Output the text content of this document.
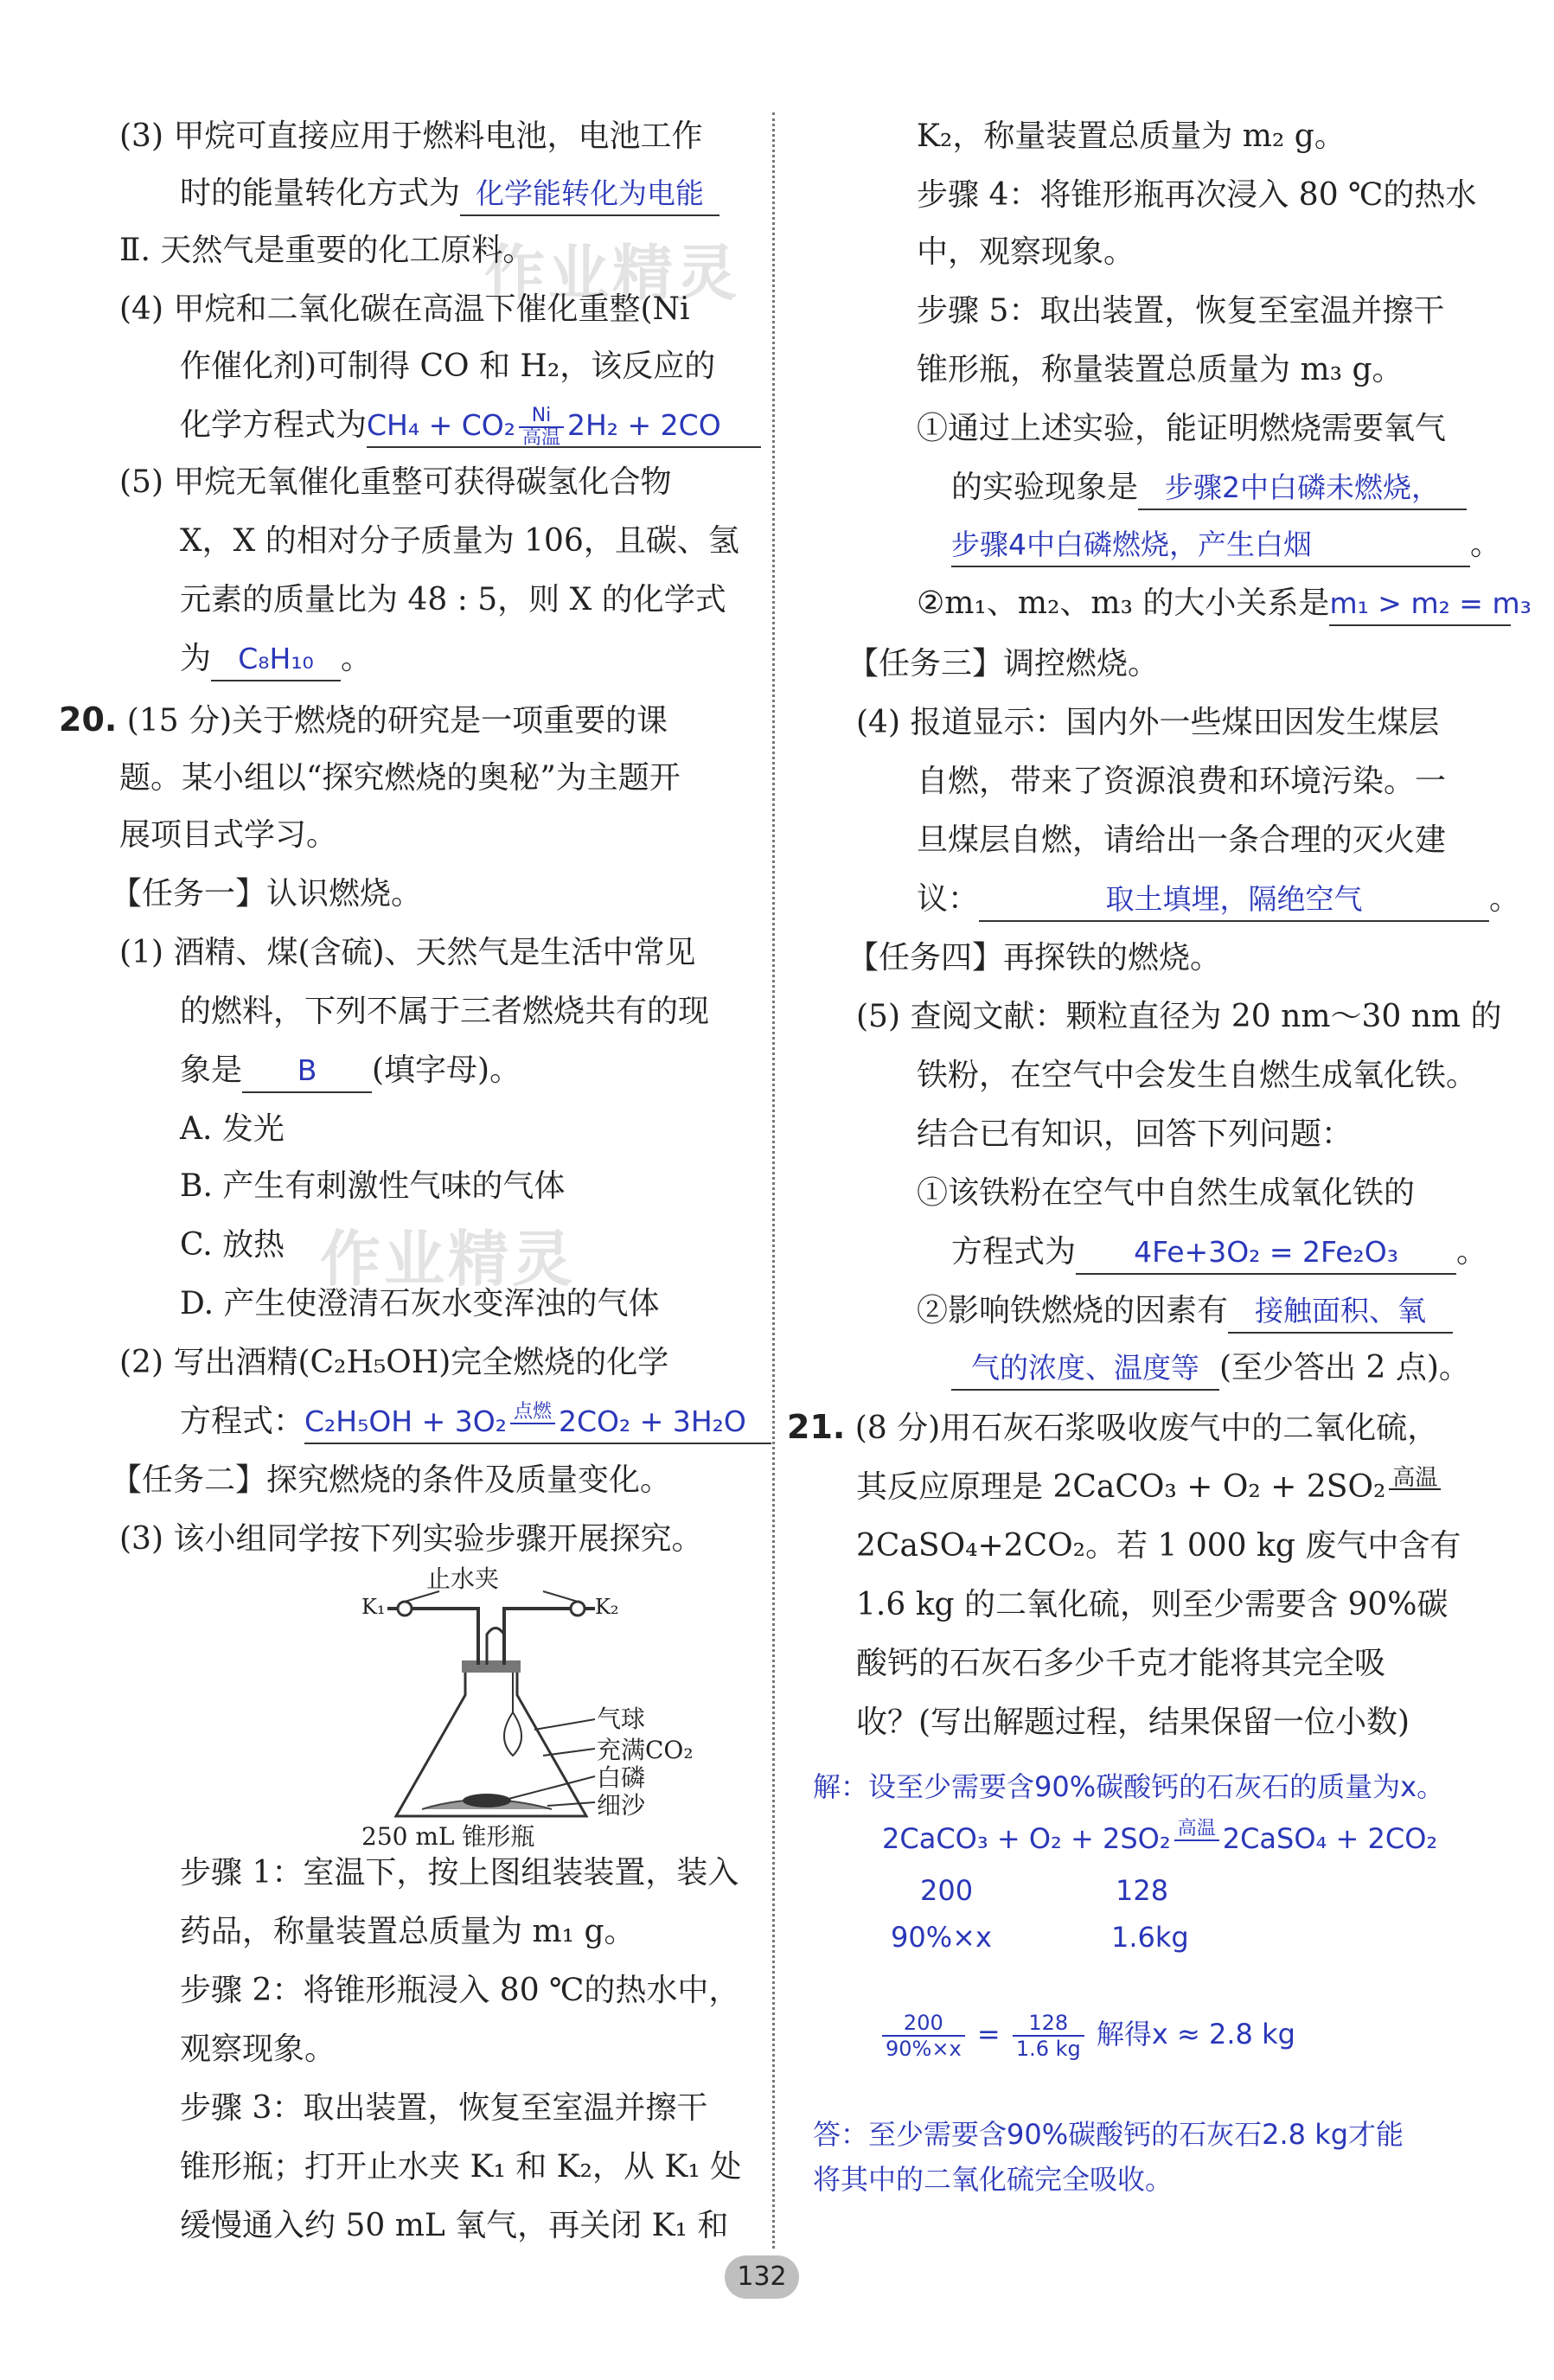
作业精灵
作业精灵
(3) 甲烷可直接应用于燃料电池，电池工作
时的能量转化方式为 化学能转化为电能
Ⅱ. 天然气是重要的化工原料。
(4) 甲烷和二氧化碳在高温下催化重整(Ni
作催化剂)可制得 CO 和 H₂，该反应的
化学方程式为$CH_4 + CO_2 \frac{Ni}{\text{高温}} 2H_2 + 2CO$
(5) 甲烷无氧催化重整可获得碳氢化合物
X，X 的相对分子质量为 106，且碳、氢
元素的质量比为 48 : 5，则 X 的化学式
为 C₈H₁₀ 。
20. (15 分)关于燃烧的研究是一项重要的课
题。某小组以“探究燃烧的奥秘”为主题开
展项目式学习。
【任务一】认识燃烧。
(1) 酒精、煤(含硫)、天然气是生活中常见
的燃料，下列不属于三者燃烧共有的现
象是 B (填字母)。
A. 发光
B. 产生有刺激性气味的气体
C. 放热
D. 产生使澄清石灰水变浑浊的气体
(2) 写出酒精(C₂H₅OH)完全燃烧的化学
方程式：C₂H₅OH + 3O₂ 点燃
2CO₂ + 3H₂O
【任务二】探究燃烧的条件及质量变化。
(3) 该小组同学按下列实验步骤开展探究。
止水夹
K₁	K₂
气球
充满CO₂
白磷
细沙
250 mL 锥形瓶
步骤 1：室温下，按上图组装装置，装入
药品，称量装置总质量为 m₁ g。
步骤 2：将锥形瓶浸入 80 ℃的热水中，
观察现象。
步骤 3：取出装置，恢复至室温并擦干
锥形瓶；打开止水夹 K₁ 和 K₂，从 K₁ 处
缓慢通入约 50 mL 氧气，再关闭 K₁ 和
K₂，称量装置总质量为 m₂ g。
步骤 4：将锥形瓶再次浸入 80 ℃的热水
中，观察现象。
步骤 5：取出装置，恢复至室温并擦干
锥形瓶，称量装置总质量为 m₃ g。
①通过上述实验，能证明燃烧需要氧气
的实验现象是 步骤2中白磷未燃烧，
步骤4中白磷燃烧，产生白烟	。
②m₁、m₂、m₃ 的大小关系是m₁ > m₂ = m₃
【任务三】调控燃烧。
(4) 报道显示：国内外一些煤田因发生煤层
自燃，带来了资源浪费和环境污染。一
旦煤层自燃，请给出一条合理的灭火建
议：	取土填埋，隔绝空气	。
【任务四】再探铁的燃烧。
(5) 查阅文献：颗粒直径为 20 nm～30 nm 的
铁粉，在空气中会发生自燃生成氧化铁。
结合已有知识，回答下列问题：
①该铁粉在空气中自然生成氧化铁的
方程式为 4Fe+3O₂ = 2Fe₂O₃ 。
②影响铁燃烧的因素有 接触面积、氧
气的浓度、温度等 (至少答出 2 点)。
21. (8 分)用石灰石浆吸收废气中的二氧化硫，
其反应原理是 2CaCO₃ + O₂ + 2SO₂ 高温

2CaSO₄+2CO₂。若 1 000 kg 废气中含有
1.6 kg 的二氧化硫，则至少需要含 90%碳
酸钙的石灰石多少千克才能将其完全吸
收？(写出解题过程，结果保留一位小数)
解：设至少需要含90%碳酸钙的石灰石的质量为x。
2CaCO₃ + O₂ + 2SO₂ 高温
2CaSO₄ + 2CO₂
200	128
90%×x	1.6kg
$\frac{200}{90\%\times x} = \frac{128}{1.6 kg}$ 解得x ≈ 2.8 kg
答：至少需要含90%碳酸钙的石灰石2.8 kg才能
将其中的二氧化硫完全吸收。
132
